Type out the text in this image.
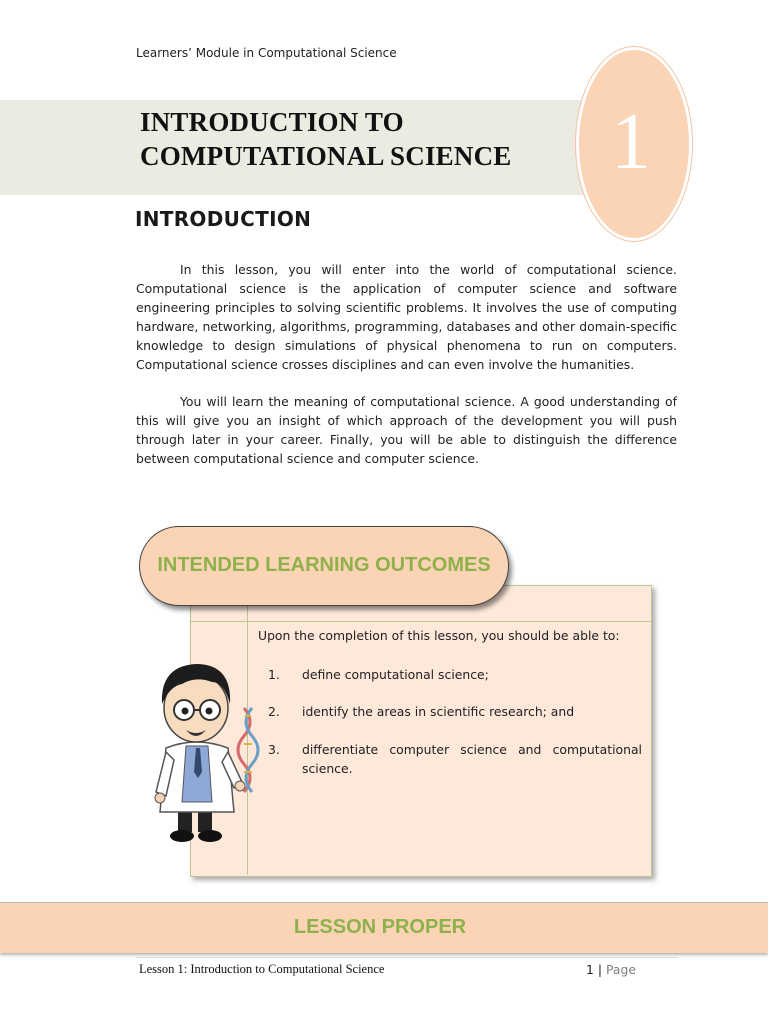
Learners’ Module in Computational Science
INTRODUCTION TO
COMPUTATIONAL SCIENCE	1
INTRODUCTION
In this lesson, you will enter into the world of computational science. Computational science is the application of computer science and software engineering principles to solving scientific problems. It involves the use of computing hardware, networking, algorithms, programming, databases and other domain-specific knowledge to design simulations of physical phenomena to run on computers. Computational science crosses disciplines and can even involve the humanities.
You will learn the meaning of computational science. A good understanding of this will give you an insight of which approach of the development you will push through later in your career. Finally, you will be able to distinguish the difference between computational science and computer science.
INTENDED LEARNING OUTCOMES
Upon the completion of this lesson, you should be able to:
1. define computational science;
2. identify the areas in scientific research; and
3. differentiate computer science and computational science.
LESSON PROPER
Lesson 1: Introduction to Computational Science	1 | Page
